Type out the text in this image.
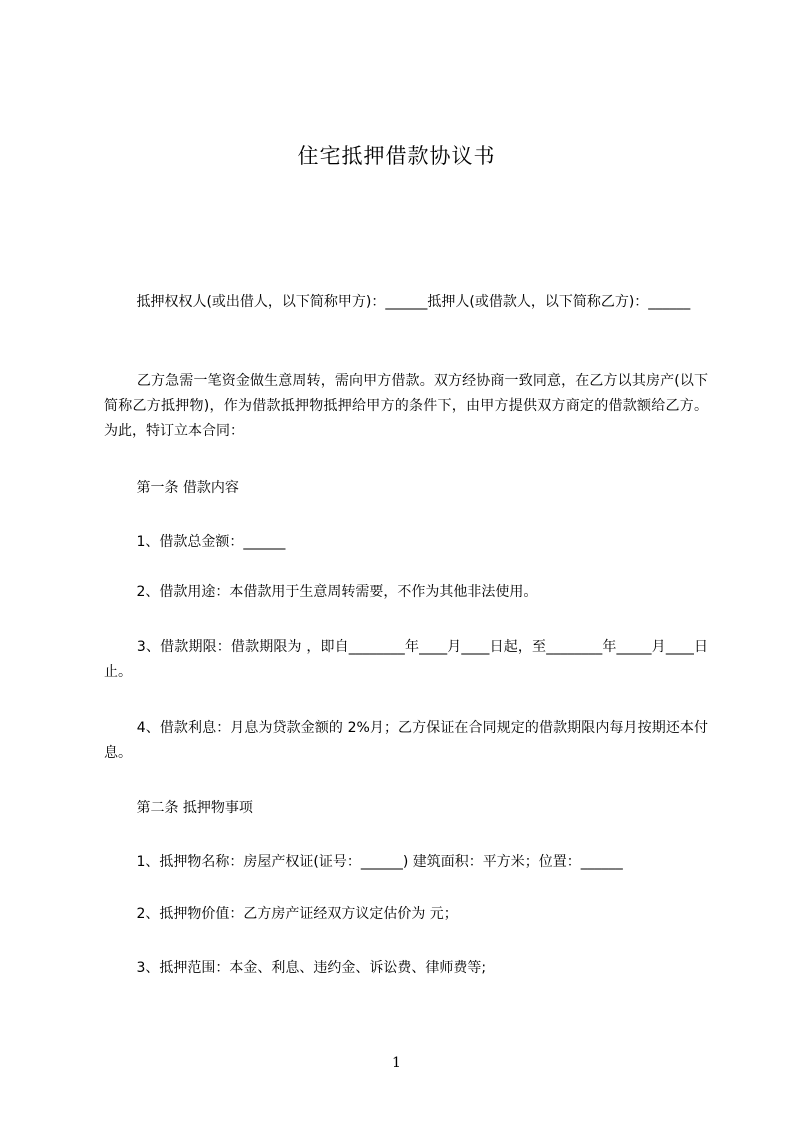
住宅抵押借款协议书

　　 抵押权权人(或出借人，以下简称甲方)：______抵押人(或借款人，以下简称乙方)：______

　　 乙方急需一笔资金做生意周转，需向甲方借款。双方经协商一致同意，在乙方以其房产(以下简称乙方抵押物)，作为借款抵押物抵押给甲方的条件下，由甲方提供双方商定的借款额给乙方。为此，特订立本合同：

　　 第一条 借款内容

　　 1、借款总金额：______

　　 2、借款用途：本借款用于生意周转需要，不作为其他非法使用。

　　 3、借款期限：借款期限为 ，即自________年____月____日起，至________年_____月____日止。

　　 4、借款利息：月息为贷款金额的 2%月；乙方保证在合同规定的借款期限内每月按期还本付息。

　　 第二条 抵押物事项

　　 1、抵押物名称：房屋产权证(证号：______) 建筑面积：平方米；位置：______

　　 2、抵押物价值：乙方房产证经双方议定估价为 元；

　　 3、抵押范围：本金、利息、违约金、诉讼费、律师费等;

1
